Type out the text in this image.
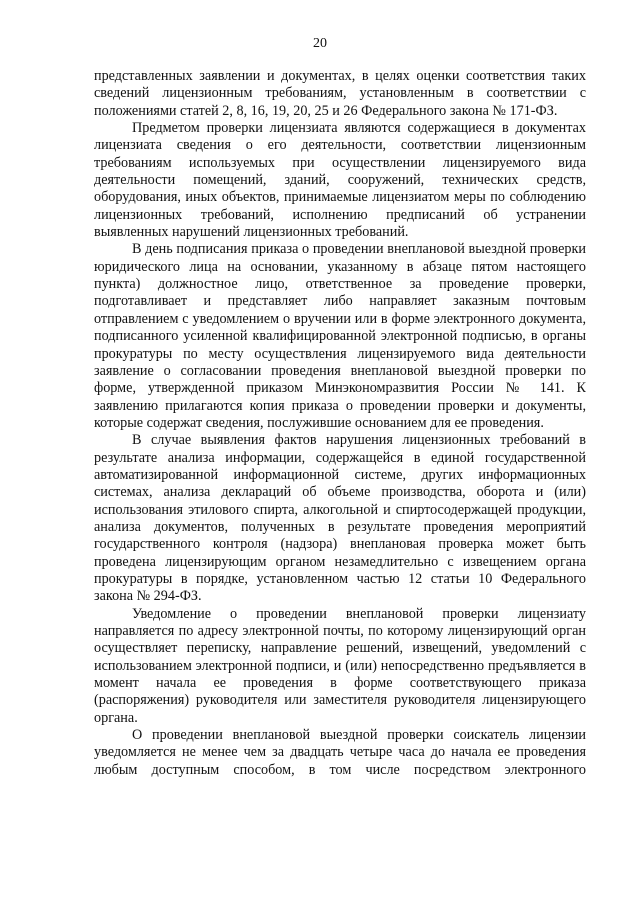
20

представленных заявлении и документах, в целях оценки соответствия таких сведений лицензионным требованиям, установленным в соответствии с положениями статей 2, 8, 16, 19, 20, 25 и 26 Федерального закона № 171-ФЗ.

Предметом проверки лицензиата являются содержащиеся в документах лицензиата сведения о его деятельности, соответствии лицензионным требованиям используемых при осуществлении лицензируемого вида деятельности помещений, зданий, сооружений, технических средств, оборудования, иных объектов, принимаемые лицензиатом меры по соблюдению лицензионных требований, исполнению предписаний об устранении выявленных нарушений лицензионных требований.

В день подписания приказа о проведении внеплановой выездной проверки юридического лица на основании, указанному в абзаце пятом настоящего пункта) должностное лицо, ответственное за проведение проверки, подготавливает и представляет либо направляет заказным почтовым отправлением с уведомлением о вручении или в форме электронного документа, подписанного усиленной квалифицированной электронной подписью, в органы прокуратуры по месту осуществления лицензируемого вида деятельности заявление о согласовании проведения внеплановой выездной проверки по форме, утвержденной приказом Минэкономразвития России № 141. К заявлению прилагаются копия приказа о проведении проверки и документы, которые содержат сведения, послужившие основанием для ее проведения.

В случае выявления фактов нарушения лицензионных требований в результате анализа информации, содержащейся в единой государственной автоматизированной информационной системе, других информационных системах, анализа деклараций об объеме производства, оборота и (или) использования этилового спирта, алкогольной и спиртосодержащей продукции, анализа документов, полученных в результате проведения мероприятий государственного контроля (надзора) внеплановая проверка может быть проведена лицензирующим органом незамедлительно с извещением органа прокуратуры в порядке, установленном частью 12 статьи 10 Федерального закона № 294-ФЗ.

Уведомление о проведении внеплановой проверки лицензиату направляется по адресу электронной почты, по которому лицензирующий орган осуществляет переписку, направление решений, извещений, уведомлений с использованием электронной подписи, и (или) непосредственно предъявляется в момент начала ее проведения в форме соответствующего приказа (распоряжения) руководителя или заместителя руководителя лицензирующего органа.

О проведении внеплановой выездной проверки соискатель лицензии уведомляется не менее чем за двадцать четыре часа до начала ее проведения любым доступным способом, в том числе посредством электронного
